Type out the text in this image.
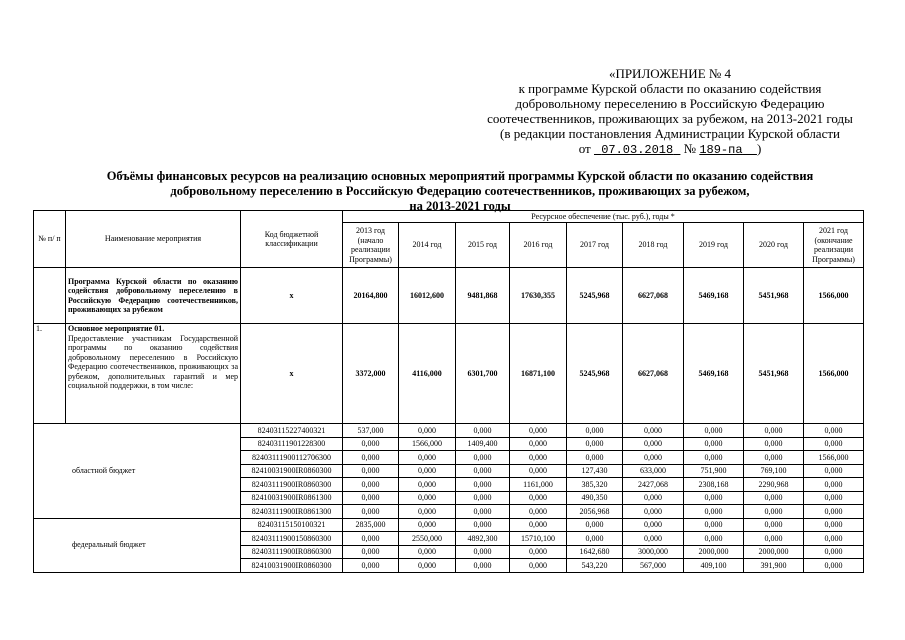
«ПРИЛОЖЕНИЕ № 4
к программе Курской области по оказанию содействия
добровольному переселению в Российскую Федерацию
соотечественников, проживающих за рубежом, на 2013-2021 годы
(в редакции постановления Администрации Курской области
от 07.03.2018 № 189-па )
Объёмы финансовых ресурсов на реализацию основных мероприятий программы Курской области по оказанию содействия
добровольному переселению в Российскую Федерацию соотечественников, проживающих за рубежом,
на 2013-2021 годы
№ п/ п	Наименование мероприятия	Код бюджетной классификации	Ресурсное обеспечение (тыс. руб.), годы *								
			2013 год (начало реализации Программы)	2014 год	2015 год	2016 год	2017 год	2018 год	2019 год	2020 год	2021 год (окончание реализации Программы)
	Программа Курской области по оказанию содействия добровольному переселению в Российскую Федерацию соотечественников, проживающих за рубежом	x	20164,800	16012,600	9481,868	17630,355	5245,968	6627,068	5469,168	5451,968	1566,000
1.	Основное мероприятие 01.
Предоставление участникам Государственной программы по оказанию содействия добровольному переселению в Российскую Федерацию соотечественников, проживающих за рубежом, дополнительных гарантий и мер социальной поддержки, в том числе:	x	3372,000	4116,000	6301,700	16871,100	5245,968	6627,068	5469,168	5451,968	1566,000
областной бюджет		82403115227400321	537,000	0,000	0,000	0,000	0,000	0,000	0,000	0,000	0,000
		82403111901228300	0,000	1566,000	1409,400	0,000	0,000	0,000	0,000	0,000	0,000
		82403111900112706300	0,000	0,000	0,000	0,000	0,000	0,000	0,000	0,000	1566,000
		82410031900IR0860300	0,000	0,000	0,000	0,000	127,430	633,000	751,900	769,100	0,000
		82403111900IR0860300	0,000	0,000	0,000	1161,000	385,320	2427,068	2308,168	2290,968	0,000
		82410031900IR0861300	0,000	0,000	0,000	0,000	490,350	0,000	0,000	0,000	0,000
		82403111900IR0861300	0,000	0,000	0,000	0,000	2056,968	0,000	0,000	0,000	0,000
федеральный бюджет		82403115150100321	2835,000	0,000	0,000	0,000	0,000	0,000	0,000	0,000	0,000
		82403111900150860300	0,000	2550,000	4892,300	15710,100	0,000	0,000	0,000	0,000	0,000
		82403111900IR0860300	0,000	0,000	0,000	0,000	1642,680	3000,000	2000,000	2000,000	0,000
		82410031900IR0860300	0,000	0,000	0,000	0,000	543,220	567,000	409,100	391,900	0,000
